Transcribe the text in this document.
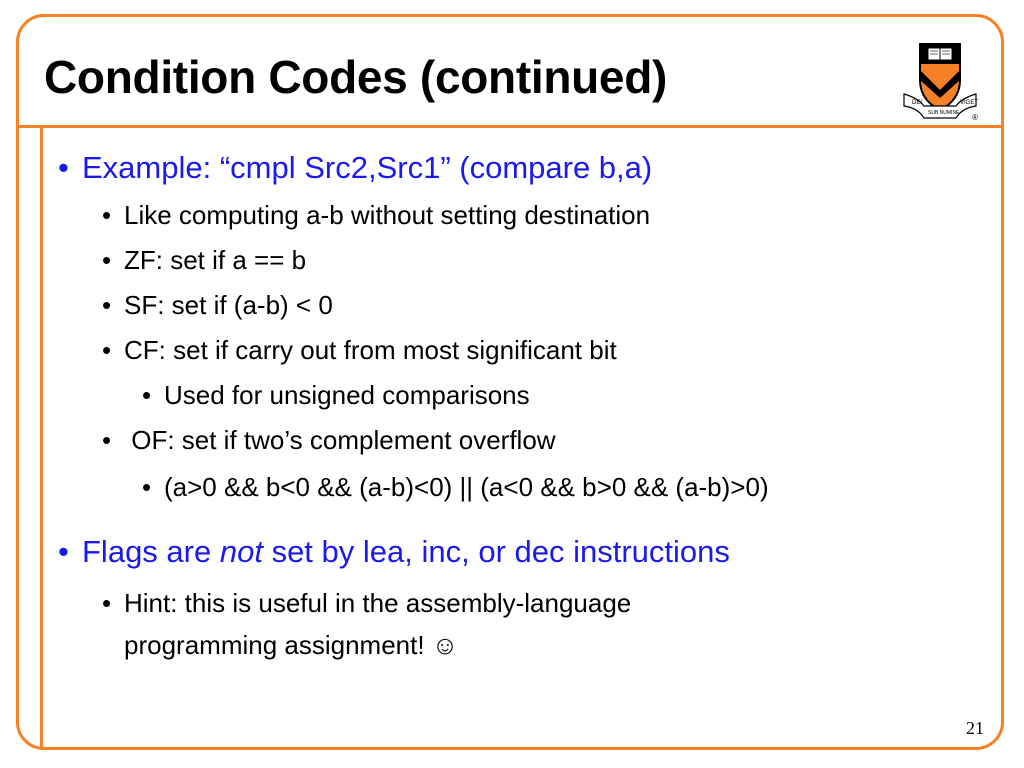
Condition Codes (continued)	DEI
SUB NUMINE
VIGET
®
• Example: “cmpl Src2,Src1” (compare b,a)
• Like computing a-b without setting destination
• ZF: set if a == b
• SF: set if (a-b) < 0
• CF: set if carry out from most significant bit
• Used for unsigned comparisons
• OF: set if two’s complement overflow
• (a>0 && b<0 && (a-b)<0) || (a<0 && b>0 && (a-b)>0)
• Flags are not set by lea, inc, or dec instructions
• Hint: this is useful in the assembly-language
programming assignment! ☺
21
